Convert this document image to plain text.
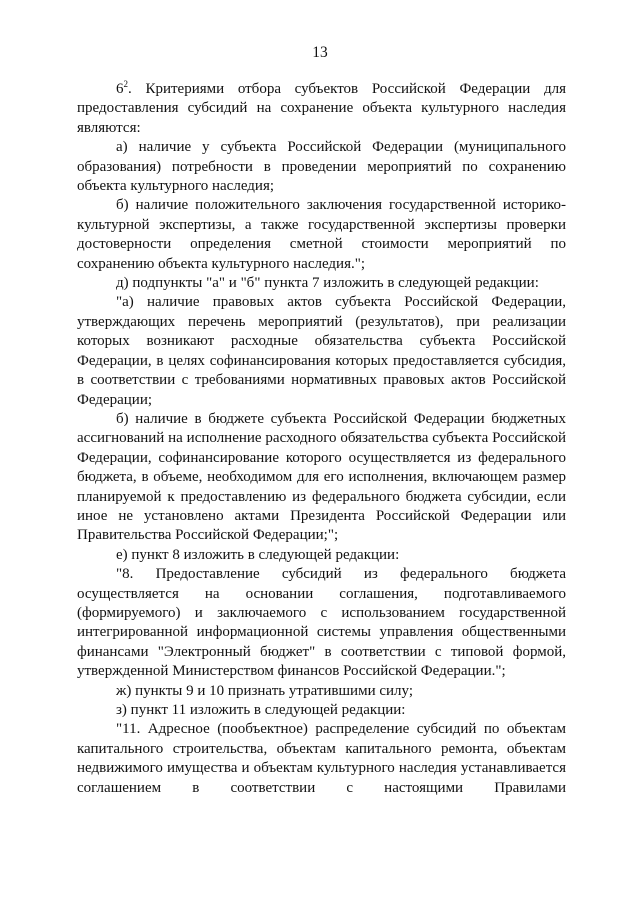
13

$6^2$. Критериями отбора субъектов Российской Федерации для предоставления субсидий на сохранение объекта культурного наследия являются:

а) наличие у субъекта Российской Федерации (муниципального образования) потребности в проведении мероприятий по сохранению объекта культурного наследия;

б) наличие положительного заключения государственной историко-культурной экспертизы, а также государственной экспертизы проверки достоверности определения сметной стоимости мероприятий по сохранению объекта культурного наследия.";

д) подпункты "а" и "б" пункта 7 изложить в следующей редакции:

"а) наличие правовых актов субъекта Российской Федерации, утверждающих перечень мероприятий (результатов), при реализации которых возникают расходные обязательства субъекта Российской Федерации, в целях софинансирования которых предоставляется субсидия, в соответствии с требованиями нормативных правовых актов Российской Федерации;

б) наличие в бюджете субъекта Российской Федерации бюджетных ассигнований на исполнение расходного обязательства субъекта Российской Федерации, софинансирование которого осуществляется из федерального бюджета, в объеме, необходимом для его исполнения, включающем размер планируемой к предоставлению из федерального бюджета субсидии, если иное не установлено актами Президента Российской Федерации или Правительства Российской Федерации;";

е) пункт 8 изложить в следующей редакции:

"8. Предоставление субсидий из федерального бюджета осуществляется на основании соглашения, подготавливаемого (формируемого) и заключаемого с использованием государственной интегрированной информационной системы управления общественными финансами "Электронный бюджет" в соответствии с типовой формой, утвержденной Министерством финансов Российской Федерации.";

ж) пункты 9 и 10 признать утратившими силу;

з) пункт 11 изложить в следующей редакции:

"11. Адресное (пообъектное) распределение субсидий по объектам капитального строительства, объектам капитального ремонта, объектам недвижимого имущества и объектам культурного наследия устанавливается соглашением в соответствии с настоящими Правилами
